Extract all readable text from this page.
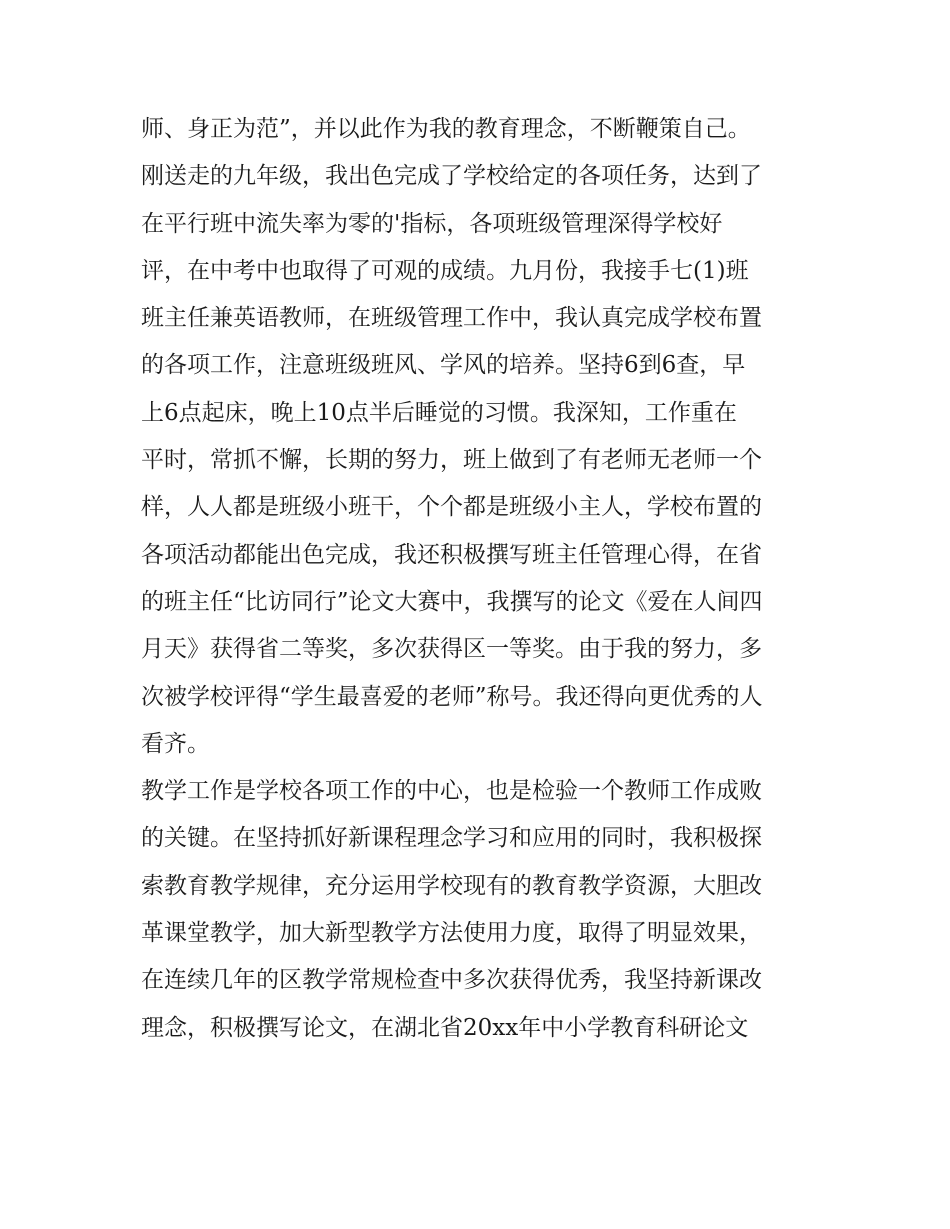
师、身正为范”，并以此作为我的教育理念，不断鞭策自己。
刚送走的九年级，我出色完成了学校给定的各项任务，达到了
在平行班中流失率为零的'指标，各项班级管理深得学校好
评，在中考中也取得了可观的成绩。九月份，我接手七(1)班
班主任兼英语教师，在班级管理工作中，我认真完成学校布置
的各项工作，注意班级班风、学风的培养。坚持6到6查，早
上6点起床，晚上10点半后睡觉的习惯。我深知，工作重在
平时，常抓不懈，长期的努力，班上做到了有老师无老师一个
样，人人都是班级小班干，个个都是班级小主人，学校布置的
各项活动都能出色完成，我还积极撰写班主任管理心得，在省
的班主任“比访同行”论文大赛中，我撰写的论文《爱在人间四
月天》获得省二等奖，多次获得区一等奖。由于我的努力，多
次被学校评得“学生最喜爱的老师”称号。我还得向更优秀的人
看齐。
教学工作是学校各项工作的中心，也是检验一个教师工作成败
的关键。在坚持抓好新课程理念学习和应用的同时，我积极探
索教育教学规律，充分运用学校现有的教育教学资源，大胆改
革课堂教学，加大新型教学方法使用力度，取得了明显效果，
在连续几年的区教学常规检查中多次获得优秀，我坚持新课改
理念，积极撰写论文，在湖北省20xx年中小学教育科研论文
